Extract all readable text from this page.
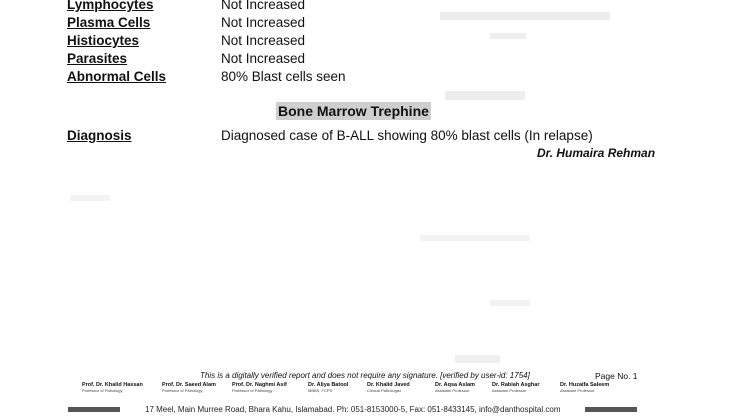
Lymphocytes	Not Increased
Plasma Cells	Not Increased
Histiocytes	Not Increased
Parasites	Not Increased
Abnormal Cells	80% Blast cells seen
Bone Marrow Trephine
Diagnosis	Diagnosed case of B-ALL showing 80% blast cells (In relapse)
Dr. Humaira Rehman
This is a digitally verified report and does not require any signature. [verified by user-id: 1754]	Page No. 1
Prof. Dr. Khalid Hassan
Professor of Pathology
Prof. Dr. Saeed Alam
Professor of Pathology
Prof. Dr. Naghmi Asif
Professor of Pathology
Dr. Aliya Batool
MBBS, FCPS
Dr. Khalid Javed
Clinical Pathologist
Dr. Aqsa Aslam
Assistant Professor
Dr. Rabiah Asghar
Assistant Professor
Dr. Huzaifa Saleem
Assistant Professor
17 Meel, Main Murree Road, Bhara Kahu, Islamabad. Ph: 051-8153000-5, Fax: 051-8433145, info@danthospital.com
